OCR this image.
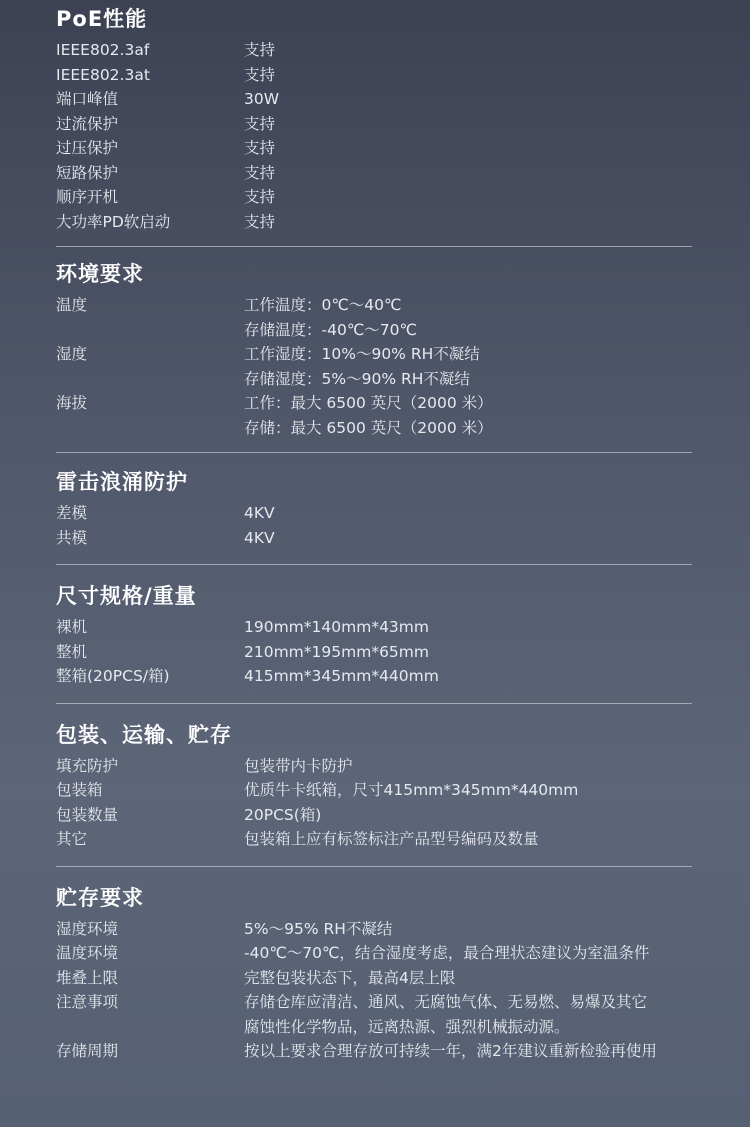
PoE性能
IEEE802.3af	支持
IEEE802.3at	支持
端口峰值	30W
过流保护	支持
过压保护	支持
短路保护	支持
顺序开机	支持
大功率PD软启动	支持
环境要求
温度	工作温度：0℃～40℃
存储温度：-40℃～70℃
湿度	工作湿度：10%～90% RH不凝结
存储湿度：5%～90% RH不凝结
海拔	工作：最大 6500 英尺（2000 米）
存储：最大 6500 英尺（2000 米）
雷击浪涌防护
差模	4KV
共模	4KV
尺寸规格/重量
裸机	190mm*140mm*43mm
整机	210mm*195mm*65mm
整箱(20PCS/箱)	415mm*345mm*440mm
包装、运输、贮存
填充防护	包装带内卡防护
包装箱	优质牛卡纸箱，尺寸415mm*345mm*440mm
包装数量	20PCS(箱)
其它	包装箱上应有标签标注产品型号编码及数量
贮存要求
湿度环境	5%～95% RH不凝结
温度环境	-40℃～70℃，结合湿度考虑，最合理状态建议为室温条件
堆叠上限	完整包装状态下，最高4层上限
注意事项	存储仓库应清洁、通风、无腐蚀气体、无易燃、易爆及其它
腐蚀性化学物品，远离热源、强烈机械振动源。
存储周期	按以上要求合理存放可持续一年，满2年建议重新检验再使用
